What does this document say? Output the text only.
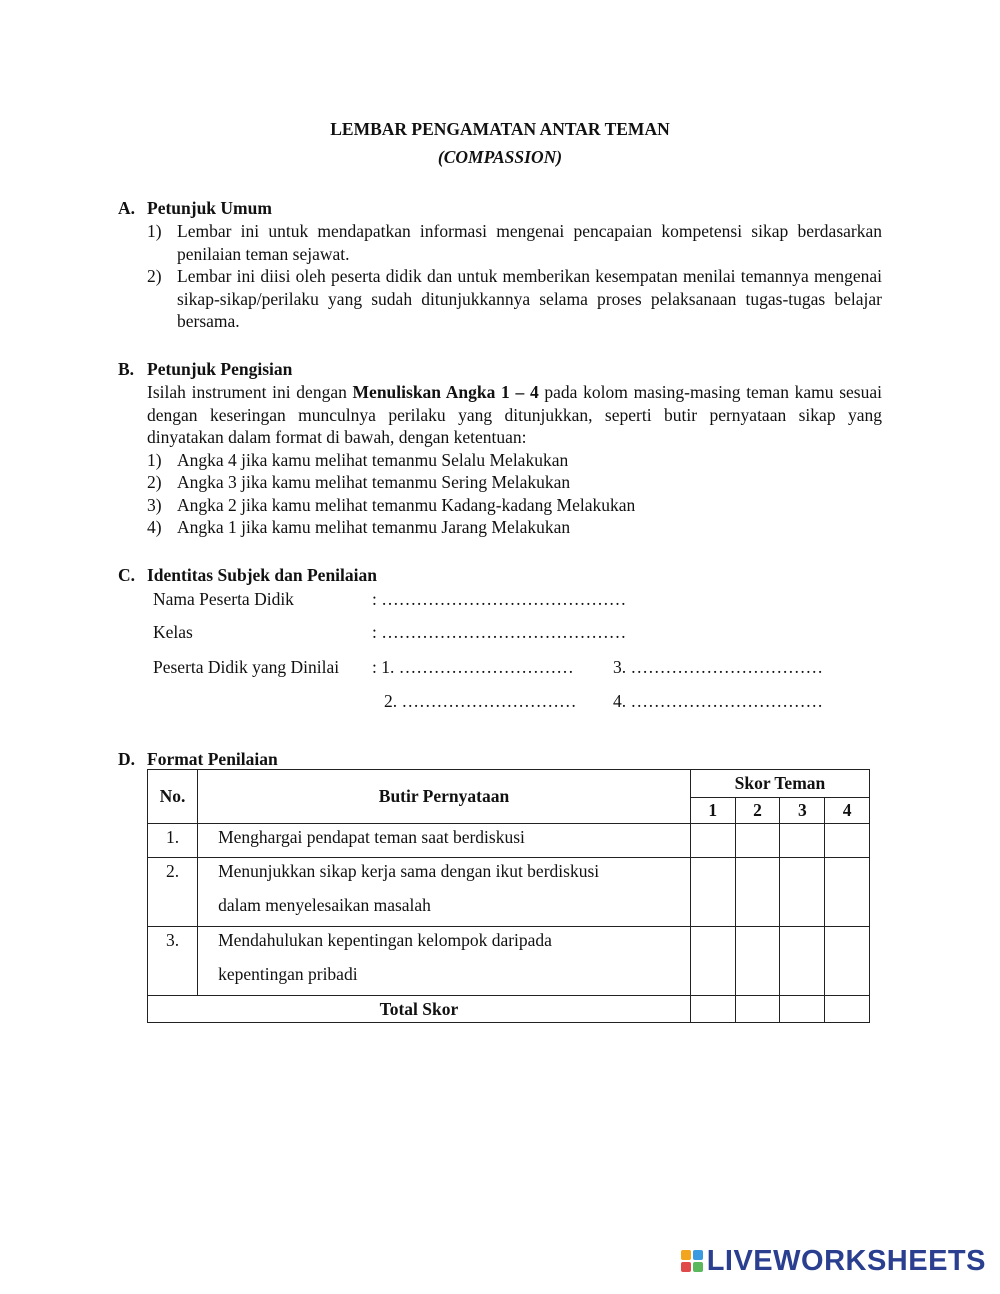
LEMBAR PENGAMATAN ANTAR TEMAN
(COMPASSION)
A. Petunjuk Umum
1) Lembar ini untuk mendapatkan informasi mengenai pencapaian kompetensi sikap berdasarkan penilaian teman sejawat.
2) Lembar ini diisi oleh peserta didik dan untuk memberikan kesempatan menilai temannya mengenai sikap-sikap/perilaku yang sudah ditunjukkannya selama proses pelaksanaan tugas-tugas belajar bersama.
B. Petunjuk Pengisian
Isilah instrument ini dengan Menuliskan Angka 1 – 4 pada kolom masing-masing teman kamu sesuai dengan keseringan munculnya perilaku yang ditunjukkan, seperti butir pernyataan sikap yang dinyatakan dalam format di bawah, dengan ketentuan:
1) Angka 4 jika kamu melihat temanmu Selalu Melakukan
2) Angka 3 jika kamu melihat temanmu Sering Melakukan
3) Angka 2 jika kamu melihat temanmu Kadang-kadang Melakukan
4) Angka 1 jika kamu melihat temanmu Jarang Melakukan
C. Identitas Subjek dan Penilaian
Nama Peserta Didik	: ……………………………………
Kelas	: ……………………………………
Peserta Didik yang Dinilai : 1. ………………………… 3. ……………………………
2. ………………………… 4. ……………………………
D. Format Penilaian
No.	Butir Pernyataan	Skor Teman			
		1	2	3	4
1.	Menghargai pendapat teman saat berdiskusi				

2.	Menunjukkan sikap kerja sama dengan ikut berdiskusi
dalam menyelesaikan masalah				

3.	Mendahulukan kepentingan kelompok daripada
kepentingan pribadi				

Total Skor					
LIVEWORKSHEETS
